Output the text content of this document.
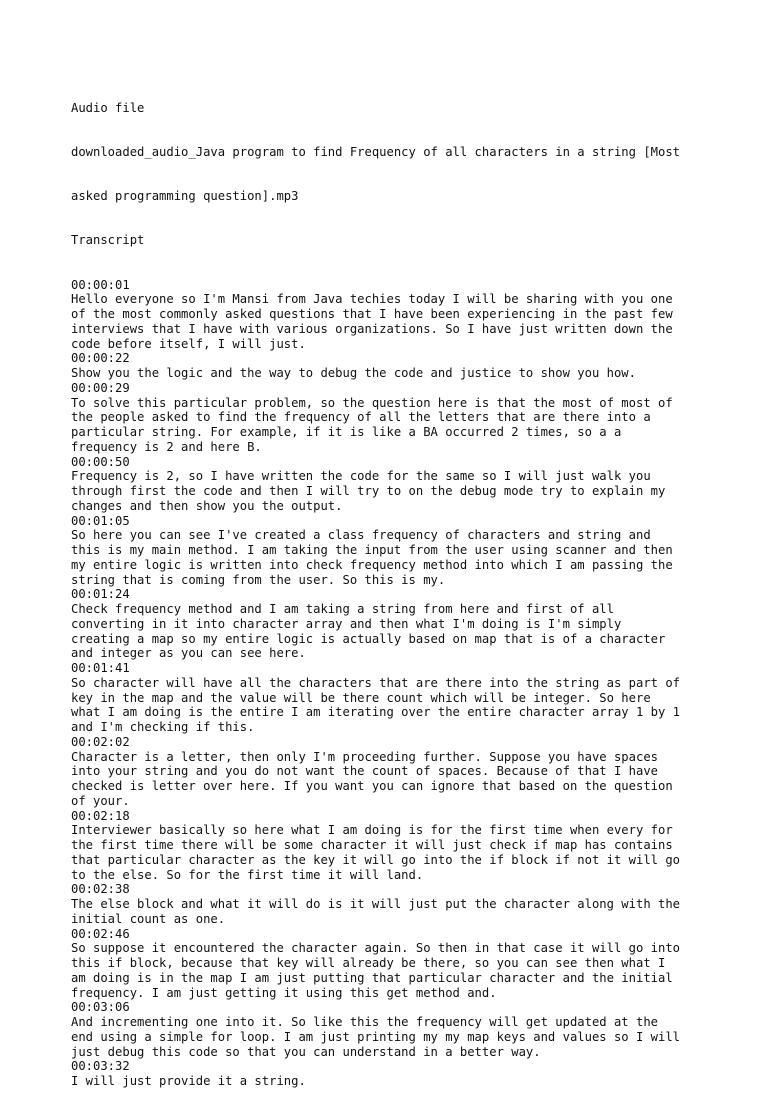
Audio file

downloaded_audio_Java program to find Frequency of all characters in a string [Most

asked programming question].mp3

Transcript

00:00:01
Hello everyone so I'm Mansi from Java techies today I will be sharing with you one
of the most commonly asked questions that I have been experiencing in the past few
interviews that I have with various organizations. So I have just written down the
code before itself, I will just.
00:00:22
Show you the logic and the way to debug the code and justice to show you how.
00:00:29
To solve this particular problem, so the question here is that the most of most of
the people asked to find the frequency of all the letters that are there into a
particular string. For example, if it is like a BA occurred 2 times, so a a
frequency is 2 and here B.
00:00:50
Frequency is 2, so I have written the code for the same so I will just walk you
through first the code and then I will try to on the debug mode try to explain my
changes and then show you the output.
00:01:05
So here you can see I've created a class frequency of characters and string and
this is my main method. I am taking the input from the user using scanner and then
my entire logic is written into check frequency method into which I am passing the
string that is coming from the user. So this is my.
00:01:24
Check frequency method and I am taking a string from here and first of all
converting in it into character array and then what I'm doing is I'm simply
creating a map so my entire logic is actually based on map that is of a character
and integer as you can see here.
00:01:41
So character will have all the characters that are there into the string as part of
key in the map and the value will be there count which will be integer. So here
what I am doing is the entire I am iterating over the entire character array 1 by 1
and I'm checking if this.
00:02:02
Character is a letter, then only I'm proceeding further. Suppose you have spaces
into your string and you do not want the count of spaces. Because of that I have
checked is letter over here. If you want you can ignore that based on the question
of your.
00:02:18
Interviewer basically so here what I am doing is for the first time when every for
the first time there will be some character it will just check if map has contains
that particular character as the key it will go into the if block if not it will go
to the else. So for the first time it will land.
00:02:38
The else block and what it will do is it will just put the character along with the
initial count as one.
00:02:46
So suppose it encountered the character again. So then in that case it will go into
this if block, because that key will already be there, so you can see then what I
am doing is in the map I am just putting that particular character and the initial
frequency. I am just getting it using this get method and.
00:03:06
And incrementing one into it. So like this the frequency will get updated at the
end using a simple for loop. I am just printing my my map keys and values so I will
just debug this code so that you can understand in a better way.
00:03:32
I will just provide it a string.
